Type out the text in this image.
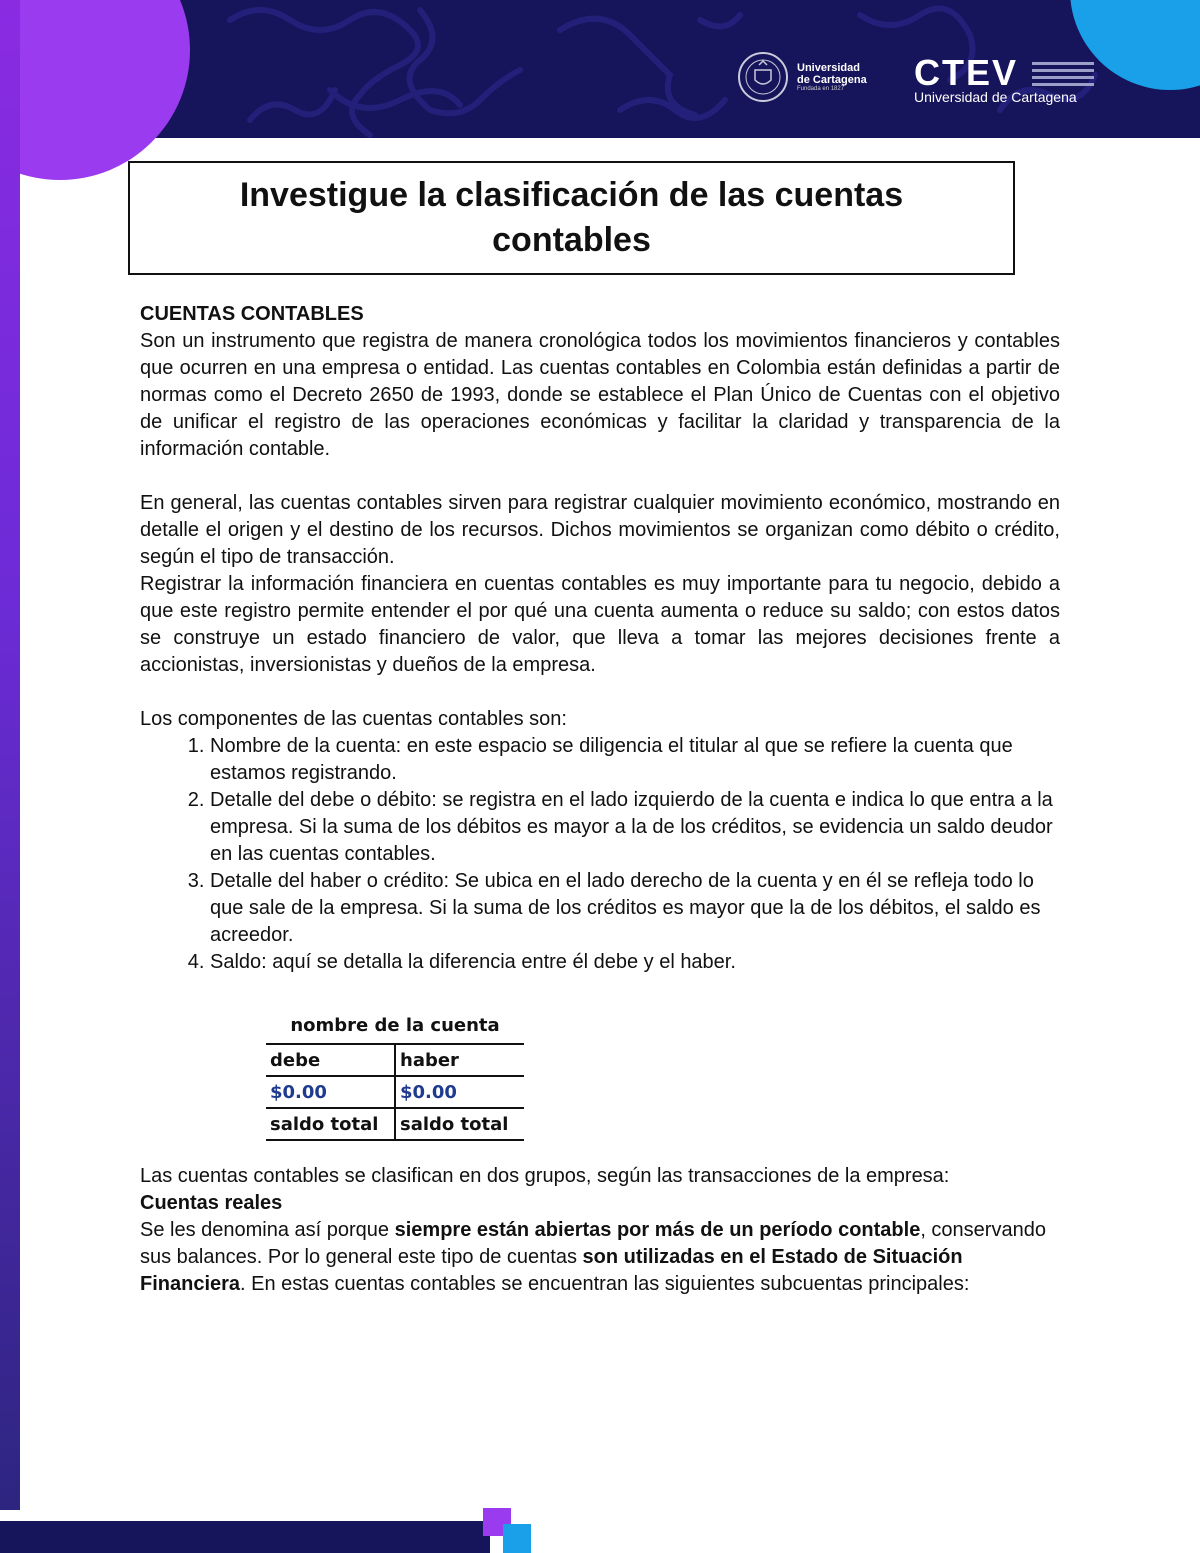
Universidad
de Cartagena
Fundada en 1827	CTEV
Universidad de Cartagena
Investigue la clasificación de las cuentas contables

CUENTAS CONTABLES

Son un instrumento que registra de manera cronológica todos los movimientos financieros y contables que ocurren en una empresa o entidad. Las cuentas contables en Colombia están definidas a partir de normas como el Decreto 2650 de 1993, donde se establece el Plan Único de Cuentas con el objetivo de unificar el registro de las operaciones económicas y facilitar la claridad y transparencia de la información contable.

En general, las cuentas contables sirven para registrar cualquier movimiento económico, mostrando en detalle el origen y el destino de los recursos. Dichos movimientos se organizan como débito o crédito, según el tipo de transacción.

Registrar la información financiera en cuentas contables es muy importante para tu negocio, debido a que este registro permite entender el por qué una cuenta aumenta o reduce su saldo; con estos datos se construye un estado financiero de valor, que lleva a tomar las mejores decisiones frente a accionistas, inversionistas y dueños de la empresa.

Los componentes de las cuentas contables son:

1. Nombre de la cuenta: en este espacio se diligencia el titular al que se refiere la cuenta que estamos registrando.
2. Detalle del debe o débito: se registra en el lado izquierdo de la cuenta e indica lo que entra a la empresa. Si la suma de los débitos es mayor a la de los créditos, se evidencia un saldo deudor en las cuentas contables.
3. Detalle del haber o crédito: Se ubica en el lado derecho de la cuenta y en él se refleja todo lo que sale de la empresa. Si la suma de los créditos es mayor que la de los débitos, el saldo es acreedor.
4. Saldo: aquí se detalla la diferencia entre él debe y el haber.
nombre de la cuenta
debe	haber
$0.00	$0.00
saldo total	saldo total

Las cuentas contables se clasifican en dos grupos, según las transacciones de la empresa:

Cuentas reales

Se les denomina así porque siempre están abiertas por más de un período contable, conservando sus balances. Por lo general este tipo de cuentas son utilizadas en el Estado de Situación Financiera. En estas cuentas contables se encuentran las siguientes subcuentas principales:
